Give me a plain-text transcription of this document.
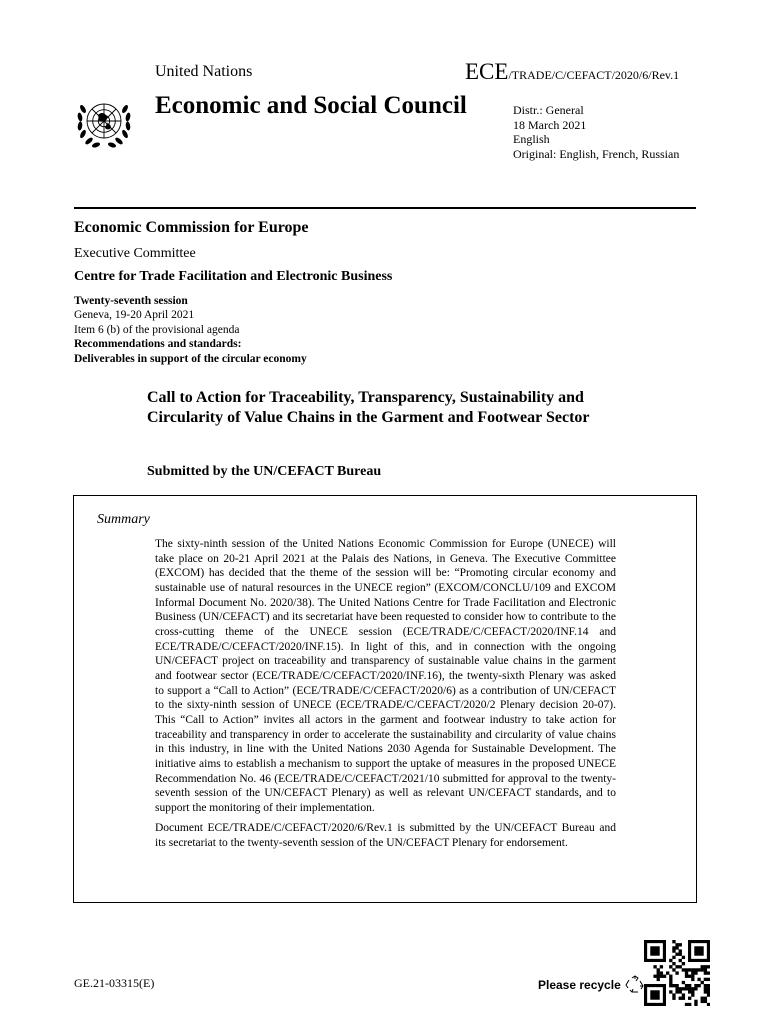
United Nations	ECE/TRADE/C/CEFACT/2020/6/Rev.1
Economic and Social Council	Distr.: General
18 March 2021
English
Original: English, French, Russian
Economic Commission for Europe
Executive Committee
Centre for Trade Facilitation and Electronic Business
Twenty-seventh session
Geneva, 19-20 April 2021
Item 6 (b) of the provisional agenda
Recommendations and standards:
Deliverables in support of the circular economy
Call to Action for Traceability, Transparency, Sustainability and Circularity of Value Chains in the Garment and Footwear Sector
Submitted by the UN/CEFACT Bureau
Summary

The sixty-ninth session of the United Nations Economic Commission for Europe (UNECE) will take place on 20-21 April 2021 at the Palais des Nations, in Geneva. The Executive Committee (EXCOM) has decided that the theme of the session will be: “Promoting circular economy and sustainable use of natural resources in the UNECE region” (EXCOM/CONCLU/109 and EXCOM Informal Document No. 2020/38). The United Nations Centre for Trade Facilitation and Electronic Business (UN/CEFACT) and its secretariat have been requested to consider how to contribute to the cross-cutting theme of the UNECE session (ECE/TRADE/C/CEFACT/2020/INF.14 and ECE/TRADE/C/CEFACT/2020/INF.15). In light of this, and in connection with the ongoing UN/CEFACT project on traceability and transparency of sustainable value chains in the garment and footwear sector (ECE/TRADE/C/CEFACT/2020/INF.16), the twenty-sixth Plenary was asked to support a “Call to Action” (ECE/TRADE/C/CEFACT/2020/6) as a contribution of UN/CEFACT to the sixty-ninth session of UNECE (ECE/TRADE/C/CEFACT/2020/2 Plenary decision 20-07). This “Call to Action” invites all actors in the garment and footwear industry to take action for traceability and transparency in order to accelerate the sustainability and circularity of value chains in this industry, in line with the United Nations 2030 Agenda for Sustainable Development. The initiative aims to establish a mechanism to support the uptake of measures in the proposed UNECE Recommendation No. 46 (ECE/TRADE/C/CEFACT/2021/10 submitted for approval to the twenty-seventh session of the UN/CEFACT Plenary) as well as relevant UN/CEFACT standards, and to support the monitoring of their implementation.

Document ECE/TRADE/C/CEFACT/2020/6/Rev.1 is submitted by the UN/CEFACT Bureau and its secretariat to the twenty-seventh session of the UN/CEFACT Plenary for endorsement.

GE.21-03315(E)	Please recycle
